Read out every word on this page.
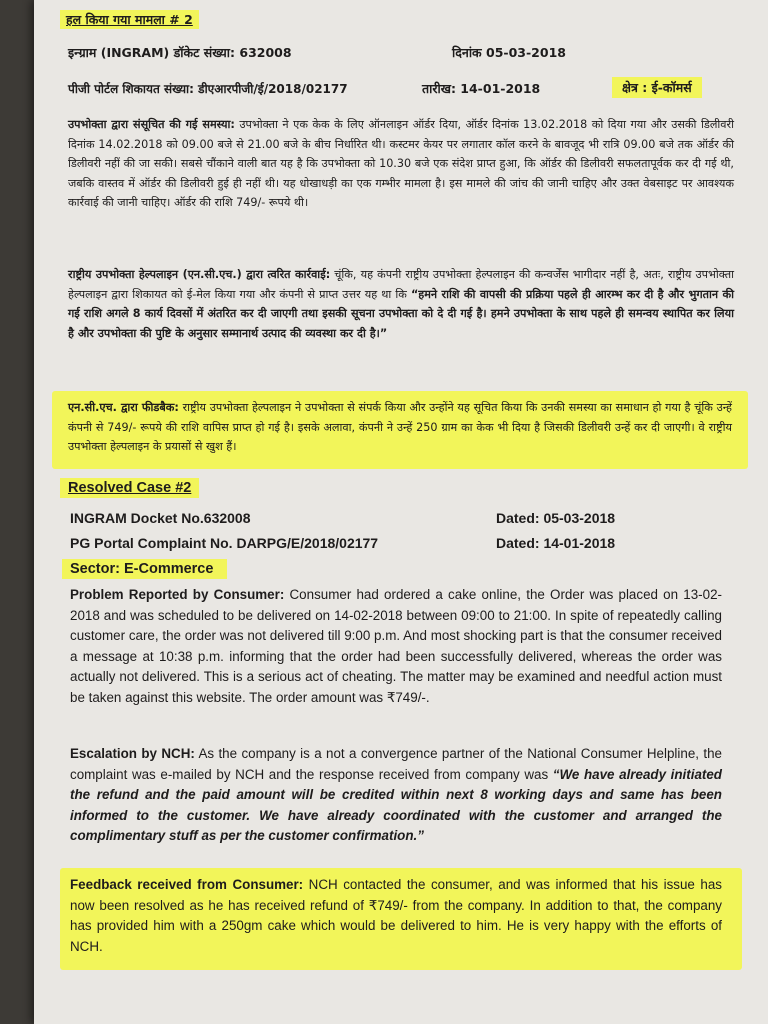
हल किया गया मामला # 2
इन्ग्राम (INGRAM) डॉकेट संख्या: 632008	दिनांक 05-03-2018
पीजी पोर्टल शिकायत संख्या: डीएआरपीजी/ई/2018/02177	तारीख: 14-01-2018	क्षेत्र : ई-कॉमर्स
उपभोक्ता द्वारा संसूचित की गई समस्या: उपभोक्ता ने एक केक के लिए ऑनलाइन ऑर्डर दिया, ऑर्डर दिनांक 13.02.2018 को दिया गया और उसकी डिलीवरी दिनांक 14.02.2018 को 09.00 बजे से 21.00 बजे के बीच निर्धारित थी। कस्टमर केयर पर लगातार कॉल करने के बावजूद भी रात्रि 09.00 बजे तक ऑर्डर की डिलीवरी नहीं की जा सकी। सबसे चौंकाने वाली बात यह है कि उपभोक्ता को 10.30 बजे एक संदेश प्राप्त हुआ, कि ऑर्डर की डिलीवरी सफलतापूर्वक कर दी गई थी, जबकि वास्तव में ऑर्डर की डिलीवरी हुई ही नहीं थी। यह धोखाधड़ी का एक गम्भीर मामला है। इस मामले की जांच की जानी चाहिए और उक्त वेबसाइट पर आवश्यक कार्रवाई की जानी चाहिए। ऑर्डर की राशि 749/- रूपये थी।
राष्ट्रीय उपभोक्ता हेल्पलाइन (एन.सी.एच.) द्वारा त्वरित कार्रवाई: चूंकि, यह कंपनी राष्ट्रीय उपभोक्ता हेल्पलाइन की कन्वर्जेंस भागीदार नहीं है, अतः, राष्ट्रीय उपभोक्ता हेल्पलाइन द्वारा शिकायत को ई-मेल किया गया और कंपनी से प्राप्त उत्तर यह था कि “हमने राशि की वापसी की प्रक्रिया पहले ही आरम्भ कर दी है और भुगतान की गई राशि अगले 8 कार्य दिवसों में अंतरित कर दी जाएगी तथा इसकी सूचना उपभोक्ता को दे दी गई है। हमने उपभोक्ता के साथ पहले ही समन्वय स्थापित कर लिया है और उपभोक्ता की पुष्टि के अनुसार सम्मानार्थ उत्पाद की व्यवस्था कर दी है।”
एन.सी.एच. द्वारा फीडबैक: राष्ट्रीय उपभोक्ता हेल्पलाइन ने उपभोक्ता से संपर्क किया और उन्होंने यह सूचित किया कि उनकी समस्या का समाधान हो गया है चूंकि उन्हें कंपनी से 749/- रूपये की राशि वापिस प्राप्त हो गई है। इसके अलावा, कंपनी ने उन्हें 250 ग्राम का केक भी दिया है जिसकी डिलीवरी उन्हें कर दी जाएगी। वे राष्ट्रीय उपभोक्ता हेल्पलाइन के प्रयासों से खुश हैं।
Resolved Case #2
INGRAM Docket No.632008	Dated: 05-03-2018
PG Portal Complaint No. DARPG/E/2018/02177	Dated: 14-01-2018
Sector: E-Commerce
Problem Reported by Consumer: Consumer had ordered a cake online, the Order was placed on 13-02-2018 and was scheduled to be delivered on 14-02-2018 between 09:00 to 21:00. In spite of repeatedly calling customer care, the order was not delivered till 9:00 p.m. And most shocking part is that the consumer received a message at 10:38 p.m. informing that the order had been successfully delivered, whereas the order was actually not delivered. This is a serious act of cheating. The matter may be examined and needful action must be taken against this website. The order amount was ₹749/-.
Escalation by NCH: As the company is a not a convergence partner of the National Consumer Helpline, the complaint was e-mailed by NCH and the response received from company was “We have already initiated the refund and the paid amount will be credited within next 8 working days and same has been informed to the customer. We have already coordinated with the customer and arranged the complimentary stuff as per the customer confirmation.”
Feedback received from Consumer: NCH contacted the consumer, and was informed that his issue has now been resolved as he has received refund of ₹749/- from the company. In addition to that, the company has provided him with a 250gm cake which would be delivered to him. He is very happy with the efforts of NCH.
